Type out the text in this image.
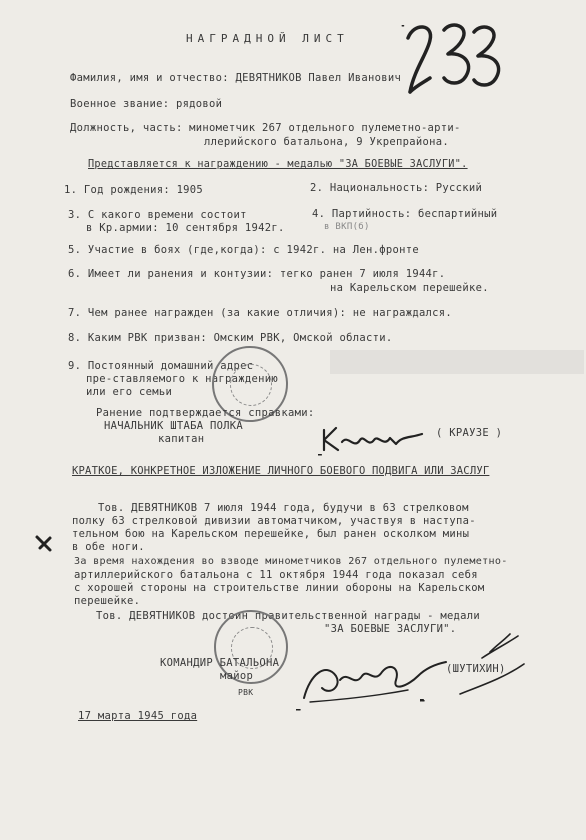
НАГРАДНОЙ ЛИСТ
233
Фамилия, имя и отчество: ДЕВЯТНИКОВ Павел Иванович
Военное звание: рядовой
Должность, часть: минометчик 267 отдельного пулеметно-арти-
ллерийского батальона, 9 Укрепрайона.
Представляется к награждению - медалью "ЗА БОЕВЫЕ ЗАСЛУГИ".
1. Год рождения: 1905	2. Национальность: Русский
3. С какого времени состоит
в Кр.армии: 10 сентября 1942г.
4. Партийность: беспартийный
в ВКП(б)
5. Участие в боях (где,когда): с 1942г. на Лен.фронте
6. Имеет ли ранения и контузии: тегко ранен 7 июля 1944г.
на Карельском перешейке.
7. Чем ранее награжден (за какие отличия): не награждался.
8. Каким РВК призван: Омским РВК, Омской области.
9. Постоянный домашний адрес
пре-ставляемого к награждению
или его семьи
Ранение подтверждается справками:
НАЧАЛЬНИК ШТАБА ПОЛКА
капитан
Краузе
( КРАУЗЕ )
КРАТКОЕ, КОНКРЕТНОЕ ИЗЛОЖЕНИЕ ЛИЧНОГО БОЕВОГО ПОДВИГА ИЛИ ЗАСЛУГ
Тов. ДЕВЯТНИКОВ 7 июля 1944 года, будучи в 63 стрелковом
полку 63 стрелковой дивизии автоматчиком, участвуя в наступа-
тельном бою на Карельском перешейке, был ранен осколком мины
в обе ноги.
За время нахождения во взводе минометчиков 267 отдельного пулеметно-
артиллерийского батальона с 11 октября 1944 года показал себя
с хорошей стороны на строительстве линии обороны на Карельском
перешейке.
Тов. ДЕВЯТНИКОВ достоин правительственной награды - медали
"ЗА БОЕВЫЕ ЗАСЛУГИ".
Учесть
Шутихин
РВК
КОМАНДИР БАТАЛЬОНА
майор
Шутихин
(ШУТИХИН)
17 марта 1945 года
